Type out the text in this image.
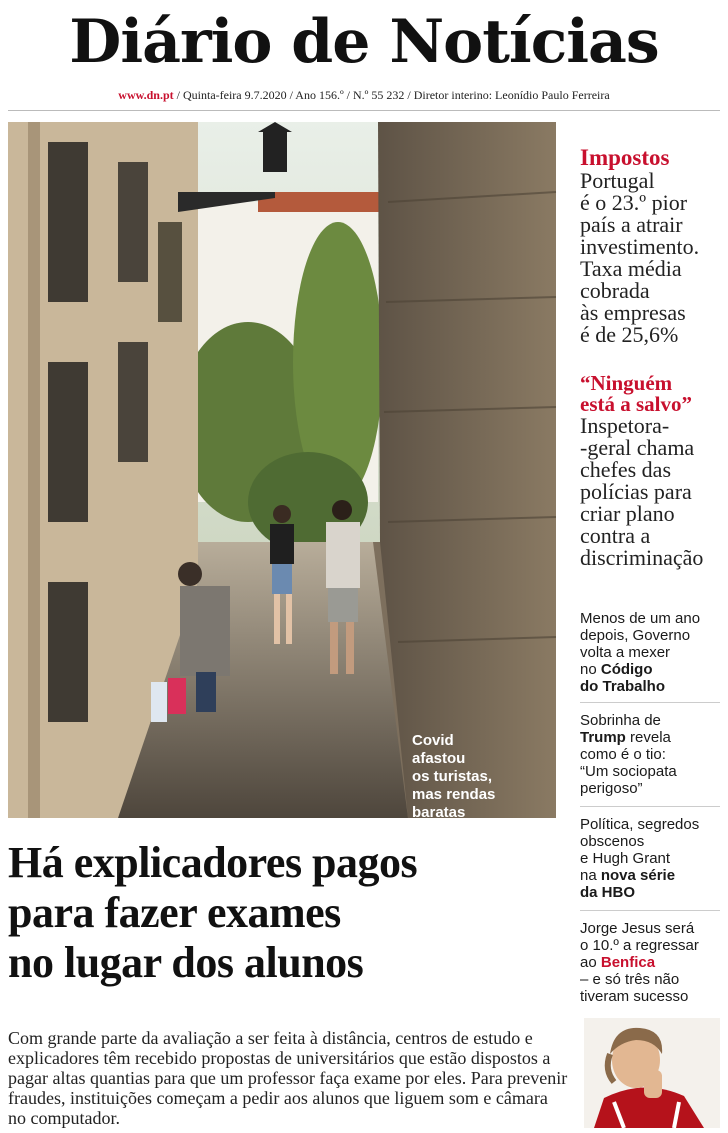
Diário de Notícias
www.dn.pt / Quinta-feira 9.7.2020 / Ano 156.º / N.º 55 232 / Diretor interino: Leonídio Paulo Ferreira
Covid
afastou
os turistas,
mas rendas
baratas
continuam
a não ocupar
casas em
alojamento
local
Impostos
Portugal
é o 23.º pior
país a atrair
investimento.
Taxa média
cobrada
às empresas
é de 25,6%
“Ninguém
está a salvo”
Inspetora-
-geral chama
chefes das
polícias para
criar plano
contra a
discriminação
Menos de um ano
depois, Governo
volta a mexer
no Código
do Trabalho
Sobrinha de
Trump revela
como é o tio:
“Um sociopata
perigoso”
Política, segredos
obscenos
e Hugh Grant
na nova série
da HBO
Jorge Jesus será
o 10.º a regressar
ao Benfica
– e só três não
tiveram sucesso
Há explicadores pagos
para fazer exames
no lugar dos alunos
Com grande parte da avaliação a ser feita à distância, centros de estudo e explicadores têm recebido propostas de universitários que estão dispostos a pagar altas quantias para que um professor faça exame por eles. Para prevenir fraudes, instituições começam a pedir aos alunos que liguem som e câmara no computador.
